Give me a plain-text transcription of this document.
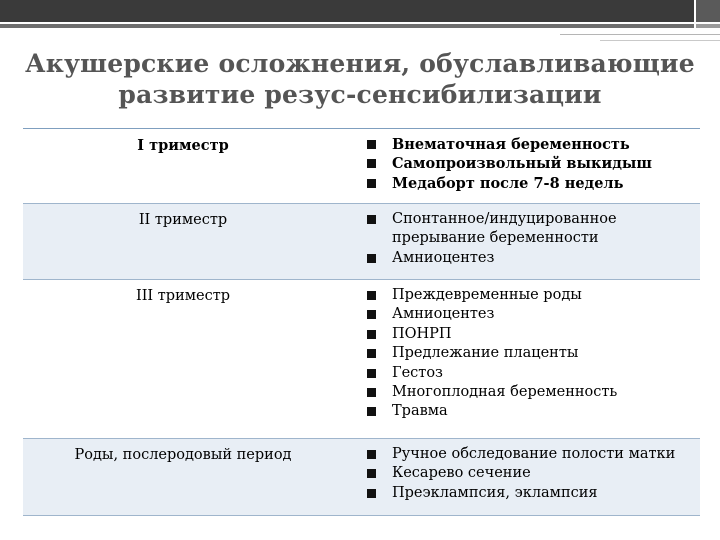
Акушерские осложнения, обуславливающие развитие резус-сенсибилизации
I триместр	Внематочная беременность
Самопроизвольный выкидыш
Медаборт после 7-8 недель
II триместр	Спонтанное/индуцированное
прерывание беременности
Амниоцентез
III триместр	Преждевременные роды
Амниоцентез
ПОНРП
Предлежание плаценты
Гестоз
Многоплодная беременность
Травма
Роды, послеродовый период	Ручное обследование полости матки
Кесарево сечение
Преэклампсия, эклампсия
